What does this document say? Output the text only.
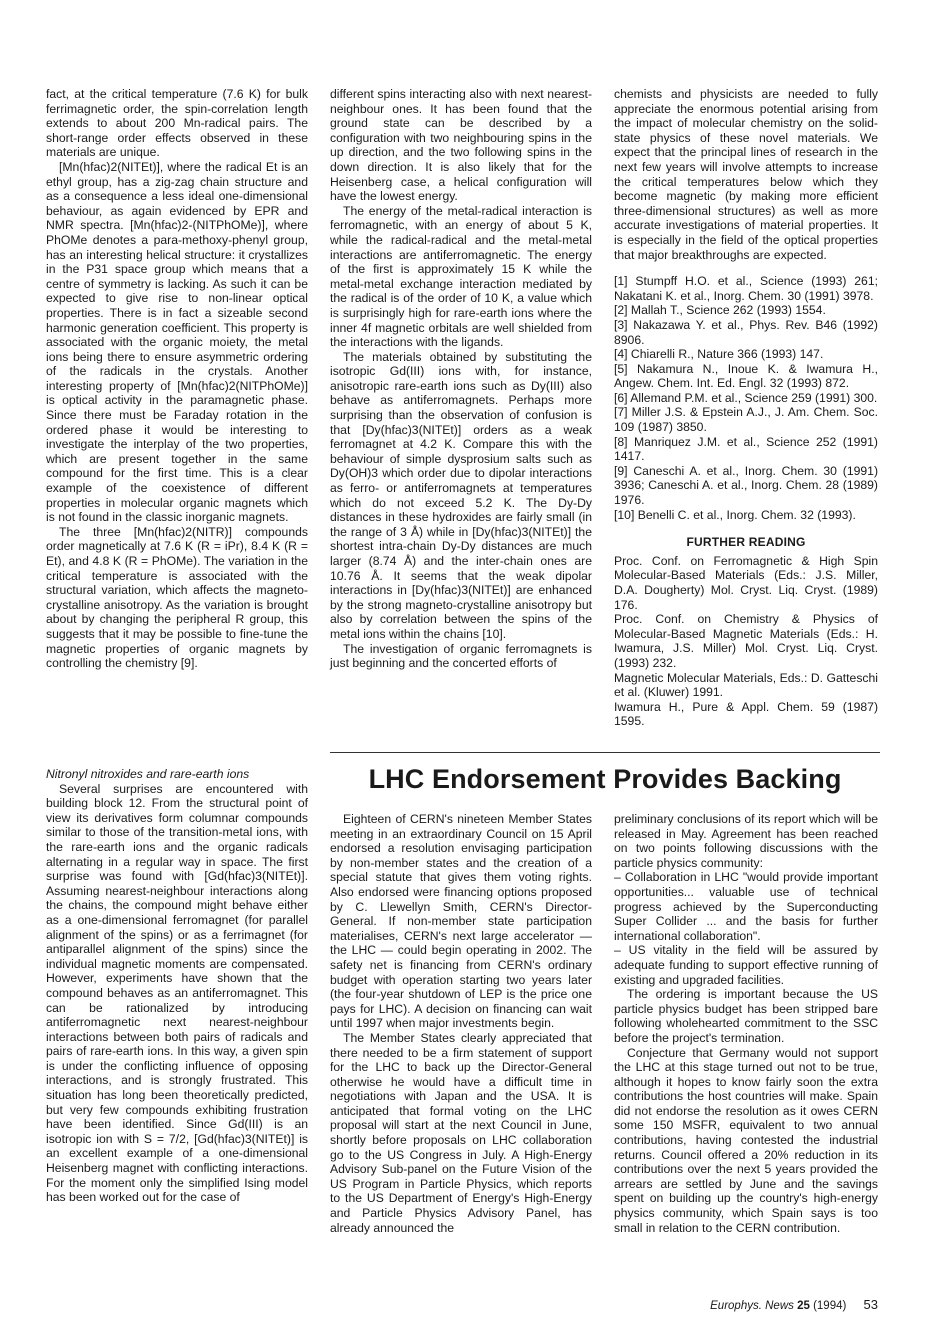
fact, at the critical temperature (7.6 K) for bulk ferrimagnetic order, the spin-correlation length extends to about 200 Mn-radical pairs. The short-range order effects observed in these materials are unique.

[Mn(hfac)2(NITEt)], where the radical Et is an ethyl group, has a zig-zag chain structure and as a consequence a less ideal one-dimensional behaviour, as again evidenced by EPR and NMR spectra. [Mn(hfac)2-(NITPhOMe)], where PhOMe denotes a para-methoxy-phenyl group, has an interesting helical structure: it crystallizes in the P31 space group which means that a centre of symmetry is lacking. As such it can be expected to give rise to non-linear optical properties. There is in fact a sizeable second harmonic generation coefficient. This property is associated with the organic moiety, the metal ions being there to ensure asymmetric ordering of the radicals in the crystals. Another interesting property of [Mn(hfac)2(NITPhOMe)] is optical activity in the paramagnetic phase. Since there must be Faraday rotation in the ordered phase it would be interesting to investigate the interplay of the two properties, which are present together in the same compound for the first time. This is a clear example of the coexistence of different properties in molecular organic magnets which is not found in the classic inorganic magnets.

The three [Mn(hfac)2(NITR)] compounds order magnetically at 7.6 K (R = iPr), 8.4 K (R = Et), and 4.8 K (R = PhOMe). The variation in the critical temperature is associated with the structural variation, which affects the magneto-crystalline anisotropy. As the variation is brought about by changing the peripheral R group, this suggests that it may be possible to fine-tune the magnetic properties of organic magnets by controlling the chemistry [9].

Nitronyl nitroxides and rare-earth ions

Several surprises are encountered with building block 12. From the structural point of view its derivatives form columnar compounds similar to those of the transition-metal ions, with the rare-earth ions and the organic radicals alternating in a regular way in space. The first surprise was found with [Gd(hfac)3(NITEt)]. Assuming nearest-neighbour interactions along the chains, the compound might behave either as a one-dimensional ferromagnet (for parallel alignment of the spins) or as a ferrimagnet (for antiparallel alignment of the spins) since the individual magnetic moments are compensated. However, experiments have shown that the compound behaves as an antiferromagnet. This can be rationalized by introducing antiferromagnetic next nearest-neighbour interactions between both pairs of radicals and pairs of rare-earth ions. In this way, a given spin is under the conflicting influence of opposing interactions, and is strongly frustrated. This situation has long been theoretically predicted, but very few compounds exhibiting frustration have been identified. Since Gd(III) is an isotropic ion with S = 7/2, [Gd(hfac)3(NITEt)] is an excellent example of a one-dimensional Heisenberg magnet with conflicting interactions. For the moment only the simplified Ising model has been worked out for the case of

different spins interacting also with next nearest-neighbour ones. It has been found that the ground state can be described by a configuration with two neighbouring spins in the up direction, and the two following spins in the down direction. It is also likely that for the Heisenberg case, a helical configuration will have the lowest energy.

The energy of the metal-radical interaction is ferromagnetic, with an energy of about 5 K, while the radical-radical and the metal-metal interactions are antiferromagnetic. The energy of the first is approximately 15 K while the metal-metal exchange interaction mediated by the radical is of the order of 10 K, a value which is surprisingly high for rare-earth ions where the inner 4f magnetic orbitals are well shielded from the interactions with the ligands.

The materials obtained by substituting the isotropic Gd(III) ions with, for instance, anisotropic rare-earth ions such as Dy(III) also behave as antiferromagnets. Perhaps more surprising than the observation of confusion is that [Dy(hfac)3(NITEt)] orders as a weak ferromagnet at 4.2 K. Compare this with the behaviour of simple dysprosium salts such as Dy(OH)3 which order due to dipolar interactions as ferro- or antiferromagnets at temperatures which do not exceed 5.2 K. The Dy-Dy distances in these hydroxides are fairly small (in the range of 3 Å) while in [Dy(hfac)3(NITEt)] the shortest intra-chain Dy-Dy distances are much larger (8.74 Å) and the inter-chain ones are 10.76 Å. It seems that the weak dipolar interactions in [Dy(hfac)3(NITEt)] are enhanced by the strong magneto-crystalline anisotropy but also by correlation between the spins of the metal ions within the chains [10].

The investigation of organic ferromagnets is just beginning and the concerted efforts of

chemists and physicists are needed to fully appreciate the enormous potential arising from the impact of molecular chemistry on the solid-state physics of these novel materials. We expect that the principal lines of research in the next few years will involve attempts to increase the critical temperatures below which they become magnetic (by making more efficient three-dimensional structures) as well as more accurate investigations of material properties. It is especially in the field of the optical properties that major breakthroughs are expected.

[1] Stumpff H.O. et al., Science (1993) 261; Nakatani K. et al., Inorg. Chem. 30 (1991) 3978.
[2] Mallah T., Science 262 (1993) 1554.
[3] Nakazawa Y. et al., Phys. Rev. B46 (1992) 8906.
[4] Chiarelli R., Nature 366 (1993) 147.
[5] Nakamura N., Inoue K. & Iwamura H., Angew. Chem. Int. Ed. Engl. 32 (1993) 872.
[6] Allemand P.M. et al., Science 259 (1991) 300.
[7] Miller J.S. & Epstein A.J., J. Am. Chem. Soc. 109 (1987) 3850.
[8] Manriquez J.M. et al., Science 252 (1991) 1417.
[9] Caneschi A. et al., Inorg. Chem. 30 (1991) 3936; Caneschi A. et al., Inorg. Chem. 28 (1989) 1976.
[10] Benelli C. et al., Inorg. Chem. 32 (1993).
FURTHER READING
Proc. Conf. on Ferromagnetic & High Spin Molecular-Based Materials (Eds.: J.S. Miller, D.A. Dougherty) Mol. Cryst. Liq. Cryst. (1989) 176.
Proc. Conf. on Chemistry & Physics of Molecular-Based Magnetic Materials (Eds.: H. Iwamura, J.S. Miller) Mol. Cryst. Liq. Cryst. (1993) 232.
Magnetic Molecular Materials, Eds.: D. Gatteschi et al. (Kluwer) 1991.
Iwamura H., Pure & Appl. Chem. 59 (1987) 1595.
LHC Endorsement Provides Backing

Eighteen of CERN's nineteen Member States meeting in an extraordinary Council on 15 April endorsed a resolution envisaging participation by non-member states and the creation of a special statute that gives them voting rights. Also endorsed were financing options proposed by C. Llewellyn Smith, CERN's Director-General. If non-member state participation materialises, CERN's next large accelerator — the LHC — could begin operating in 2002. The safety net is financing from CERN's ordinary budget with operation starting two years later (the four-year shutdown of LEP is the price one pays for LHC). A decision on financing can wait until 1997 when major investments begin.

The Member States clearly appreciated that there needed to be a firm statement of support for the LHC to back up the Director-General otherwise he would have a difficult time in negotiations with Japan and the USA. It is anticipated that formal voting on the LHC proposal will start at the next Council in June, shortly before proposals on LHC collaboration go to the US Congress in July. A High-Energy Advisory Sub-panel on the Future Vision of the US Program in Particle Physics, which reports to the US Department of Energy's High-Energy and Particle Physics Advisory Panel, has already announced the

preliminary conclusions of its report which will be released in May. Agreement has been reached on two points following discussions with the particle physics community:

– Collaboration in LHC "would provide important opportunities... valuable use of technical progress achieved by the Superconducting Super Collider ... and the basis for further international collaboration".

– US vitality in the field will be assured by adequate funding to support effective running of existing and upgraded facilities.

The ordering is important because the US particle physics budget has been stripped bare following wholehearted commitment to the SSC before the project's termination.

Conjecture that Germany would not support the LHC at this stage turned out not to be true, although it hopes to know fairly soon the extra contributions the host countries will make. Spain did not endorse the resolution as it owes CERN some 150 MSFR, equivalent to two annual contributions, having contested the industrial returns. Council offered a 20% reduction in its contributions over the next 5 years provided the arrears are settled by June and the savings spent on building up the country's high-energy physics community, which Spain says is too small in relation to the CERN contribution.

Europhys. News 25 (1994) 53
